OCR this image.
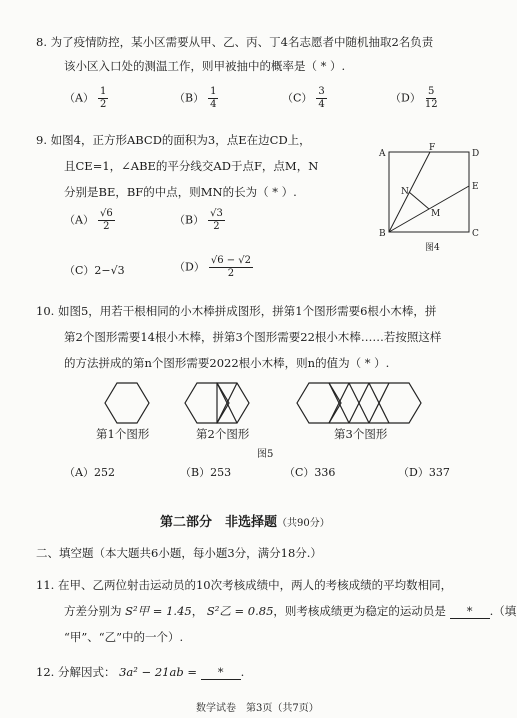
8. 为了疫情防控，某小区需要从甲、乙、丙、丁4名志愿者中随机抽取2名负责
该小区入口处的测温工作，则甲被抽中的概率是（ * ）.
$(A) \frac{1}{2}$	$(B) \frac{1}{4}$	$(C) \frac{3}{4}$	$(D) \frac{5}{12}$
9. 如图4，正方形ABCD的面积为3，点E在边CD上，
且CE=1，∠ABE的平分线交AD于点F，点M，N
分别是BE，BF的中点，则MN的长为（ * ）.
$(A) \frac{√6}{2}$	$(B) \frac{√3}{2}$
（C）2−√3	$(D) \frac{√6 - √2}{2}$
A	D
B	C
E
F
M
N
图4
10. 如图5，用若干根相同的小木棒拼成图形，拼第1个图形需要6根小木棒，拼
第2个图形需要14根小木棒，拼第3个图形需要22根小木棒……若按照这样
的方法拼成的第n个图形需要2022根小木棒，则n的值为（ * ）.
第1个图形	第2个图形	第3个图形
图5
（A）252	（B）253	（C）336	（D）337
第二部分　非选择题（共90分）
二、填空题（本大题共6小题，每小题3分，满分18分.）
11. 在甲、乙两位射击运动员的10次考核成绩中，两人的考核成绩的平均数相同，
方差分别为 S²甲 = 1.45， S²乙 = 0.85，则考核成绩更为稳定的运动员是 * .（填
“甲”、“乙”中的一个）.
12. 分解因式： 3a² − 21ab = * .
数学试卷　第3页（共7页）
